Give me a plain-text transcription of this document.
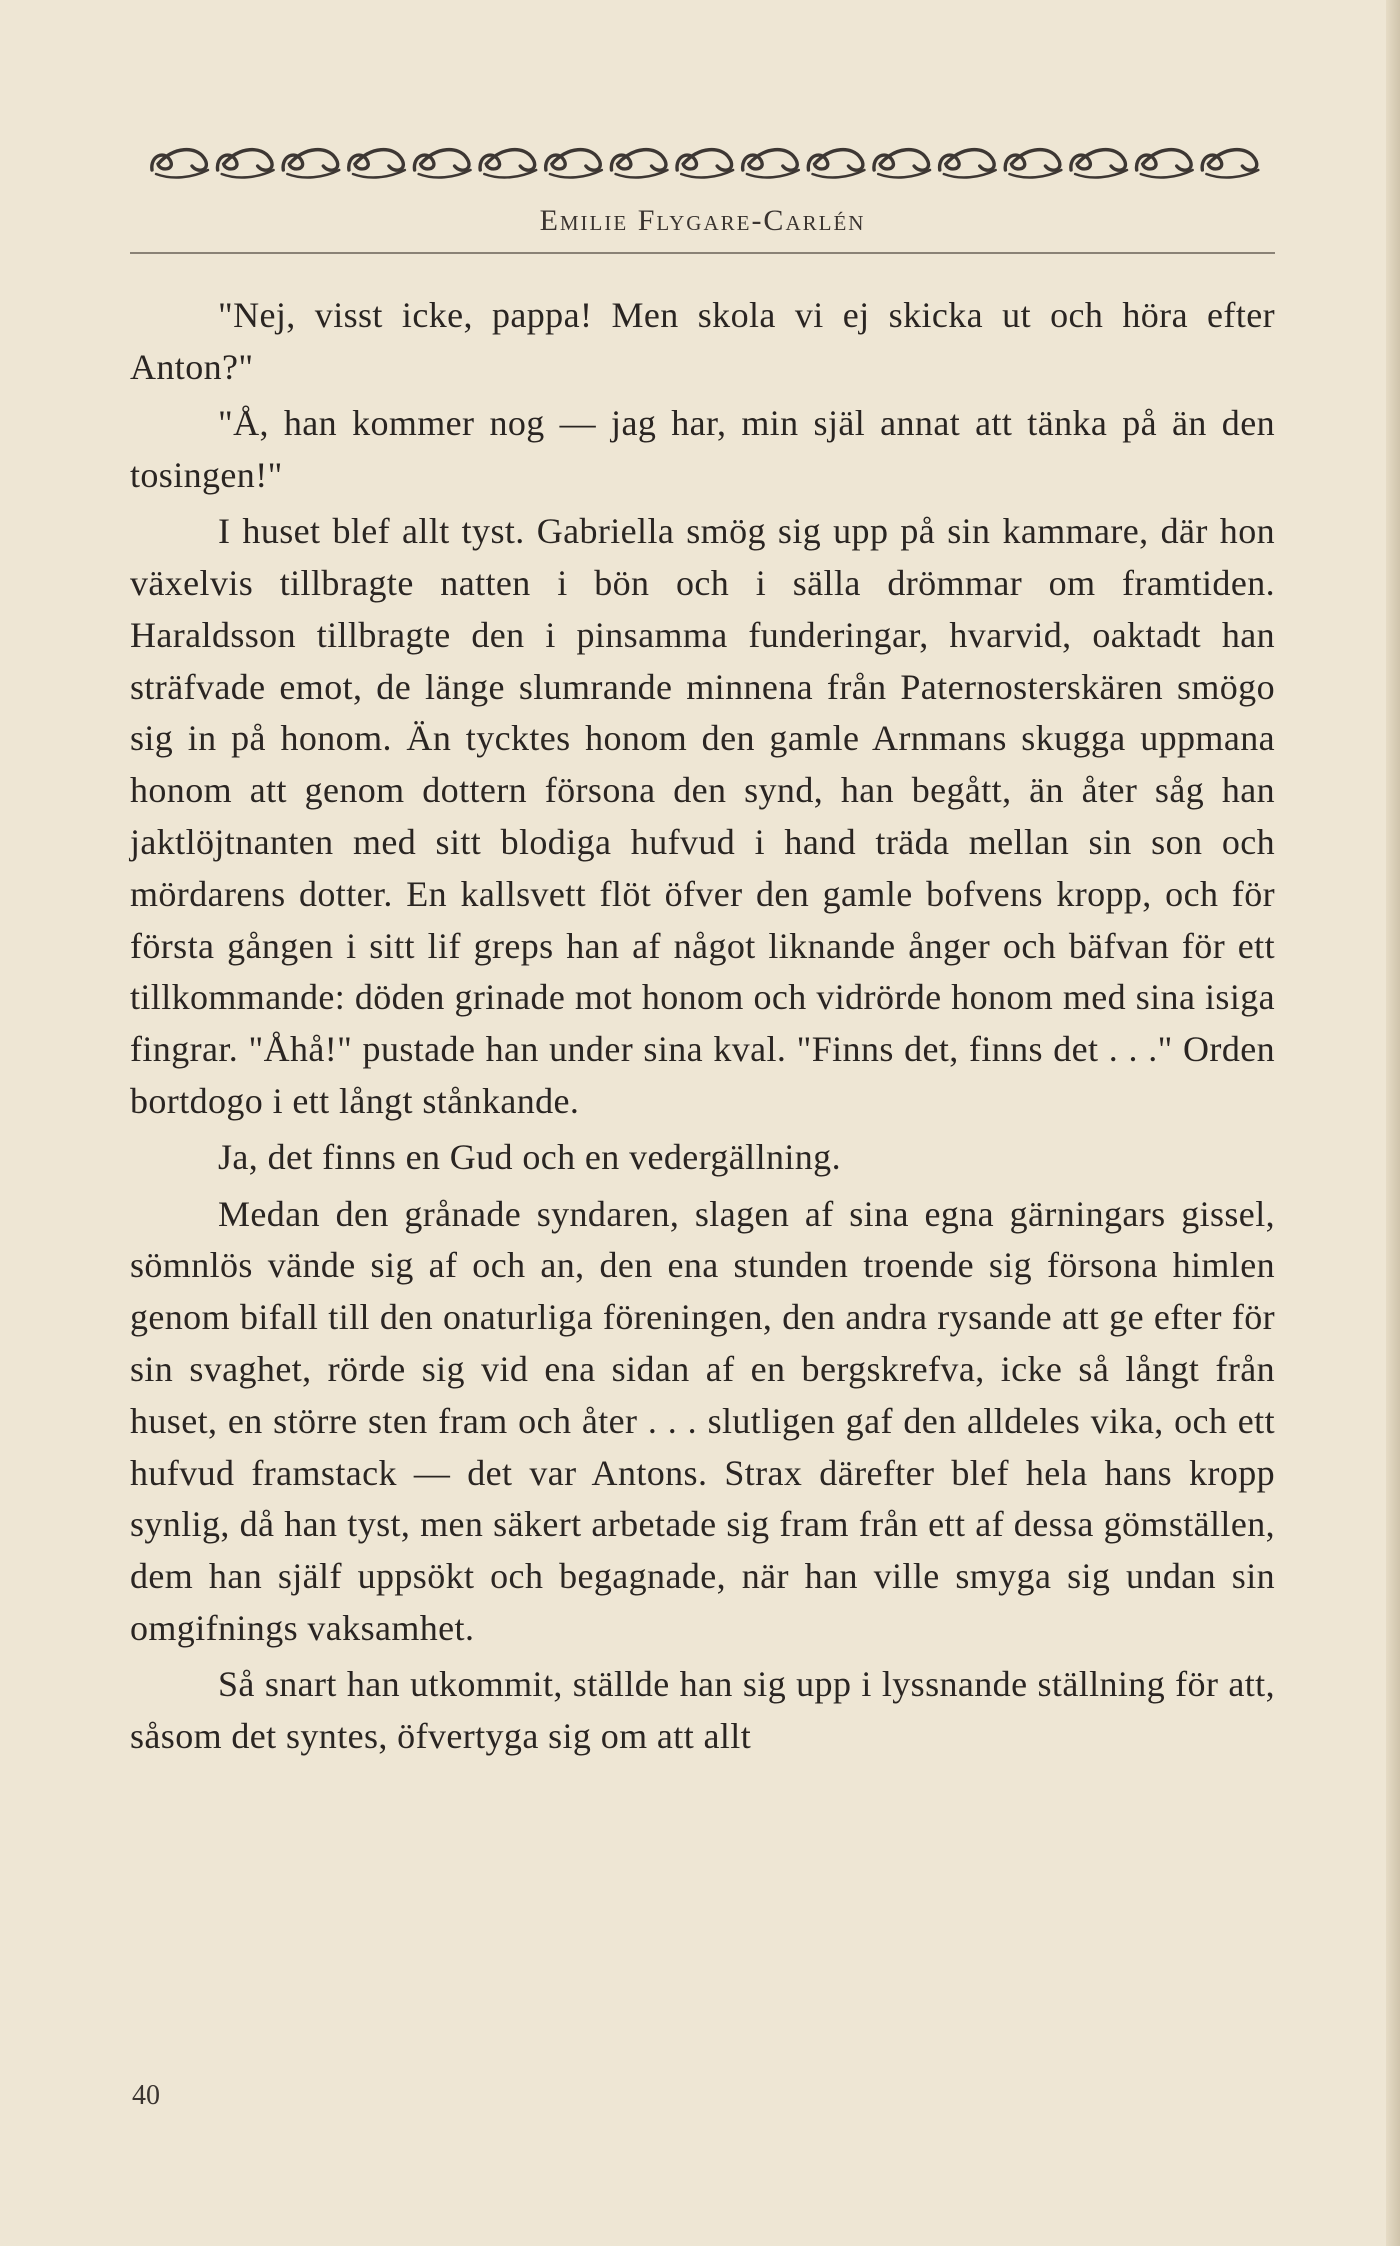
Emilie Flygare-Carlén

"Nej, visst icke, pappa! Men skola vi ej skicka ut och höra efter Anton?"

"Å, han kommer nog — jag har, min själ annat att tänka på än den tosingen!"

I huset blef allt tyst. Gabriella smög sig upp på sin kammare, där hon växelvis tillbragte natten i bön och i sälla drömmar om framtiden. Haraldsson tillbragte den i pinsamma funderingar, hvarvid, oaktadt han sträfvade emot, de länge slumrande minnena från Paternosterskären smögo sig in på honom. Än tycktes honom den gamle Arnmans skugga uppmana honom att genom dottern försona den synd, han begått, än åter såg han jaktlöjtnanten med sitt blodiga hufvud i hand träda mellan sin son och mördarens dotter. En kallsvett flöt öfver den gamle bofvens kropp, och för första gången i sitt lif greps han af något liknande ånger och bäfvan för ett tillkommande: döden grinade mot honom och vidrörde honom med sina isiga fingrar. "Åhå!" pustade han under sina kval. "Finns det, finns det . . ." Orden bortdogo i ett långt stånkande.

Ja, det finns en Gud och en vedergällning.

Medan den grånade syndaren, slagen af sina egna gärningars gissel, sömnlös vände sig af och an, den ena stunden troende sig försona himlen genom bifall till den onaturliga föreningen, den andra rysande att ge efter för sin svaghet, rörde sig vid ena sidan af en bergskrefva, icke så långt från huset, en större sten fram och åter . . . slutligen gaf den alldeles vika, och ett hufvud framstack — det var Antons. Strax därefter blef hela hans kropp synlig, då han tyst, men säkert arbetade sig fram från ett af dessa gömställen, dem han själf uppsökt och begagnade, när han ville smyga sig undan sin omgifnings vaksamhet.

Så snart han utkommit, ställde han sig upp i lyssnande ställning för att, såsom det syntes, öfvertyga sig om att allt

40
